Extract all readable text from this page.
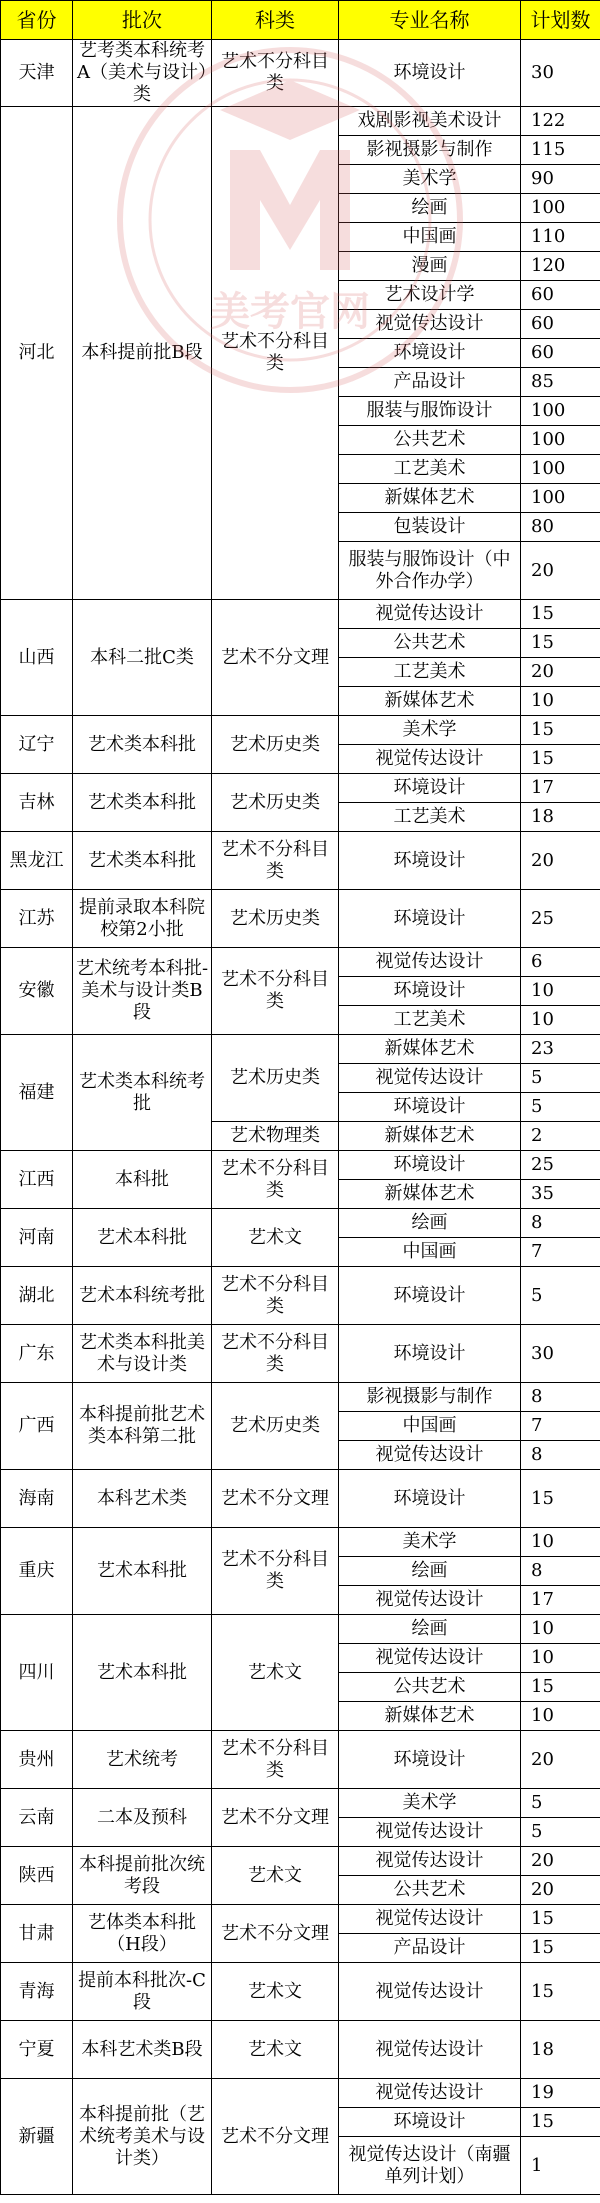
省份	批次	科类	专业名称	计划数
天津	艺考类本科统考A（美术与设计）类	艺术不分科目类	环境设计	30
河北	本科提前批B段	艺术不分科目类	戏剧影视美术设计	122
			影视摄影与制作	115
			美术学	90
			绘画	100
			中国画	110
			漫画	120
			艺术设计学	60
			视觉传达设计	60
			环境设计	60
			产品设计	85
			服装与服饰设计	100
			公共艺术	100
			工艺美术	100
			新媒体艺术	100
			包装设计	80
			服装与服饰设计（中外合作办学）	20
山西	本科二批C类	艺术不分文理	视觉传达设计	15
			公共艺术	15
			工艺美术	20
			新媒体艺术	10
辽宁	艺术类本科批	艺术历史类	美术学	15
			视觉传达设计	15
吉林	艺术类本科批	艺术历史类	环境设计	17
			工艺美术	18
黑龙江	艺术类本科批	艺术不分科目类	环境设计	20
江苏	提前录取本科院校第2小批	艺术历史类	环境设计	25
安徽	艺术统考本科批-美术与设计类B段	艺术不分科目类	视觉传达设计	6
			环境设计	10
			工艺美术	10
福建	艺术类本科统考批	艺术历史类	新媒体艺术	23
			视觉传达设计	5
			环境设计	5
		艺术物理类	新媒体艺术	2
江西	本科批	艺术不分科目类	环境设计	25
			新媒体艺术	35
河南	艺术本科批	艺术文	绘画	8
			中国画	7
湖北	艺术本科统考批	艺术不分科目类	环境设计	5
广东	艺术类本科批美术与设计类	艺术不分科目类	环境设计	30
广西	本科提前批艺术类本科第二批	艺术历史类	影视摄影与制作	8
			中国画	7
			视觉传达设计	8
海南	本科艺术类	艺术不分文理	环境设计	15
重庆	艺术本科批	艺术不分科目类	美术学	10
			绘画	8
			视觉传达设计	17
四川	艺术本科批	艺术文	绘画	10
			视觉传达设计	10
			公共艺术	15
			新媒体艺术	10
贵州	艺术统考	艺术不分科目类	环境设计	20
云南	二本及预科	艺术不分文理	美术学	5
			视觉传达设计	5
陕西	本科提前批次统考段	艺术文	视觉传达设计	20
			公共艺术	20
甘肃	艺体类本科批（H段）	艺术不分文理	视觉传达设计	15
			产品设计	15
青海	提前本科批次-C段	艺术文	视觉传达设计	15
宁夏	本科艺术类B段	艺术文	视觉传达设计	18
新疆	本科提前批（艺术统考美术与设计类）	艺术不分文理	视觉传达设计	19
			环境设计	15
			视觉传达设计（南疆单列计划）	1
美考官网
